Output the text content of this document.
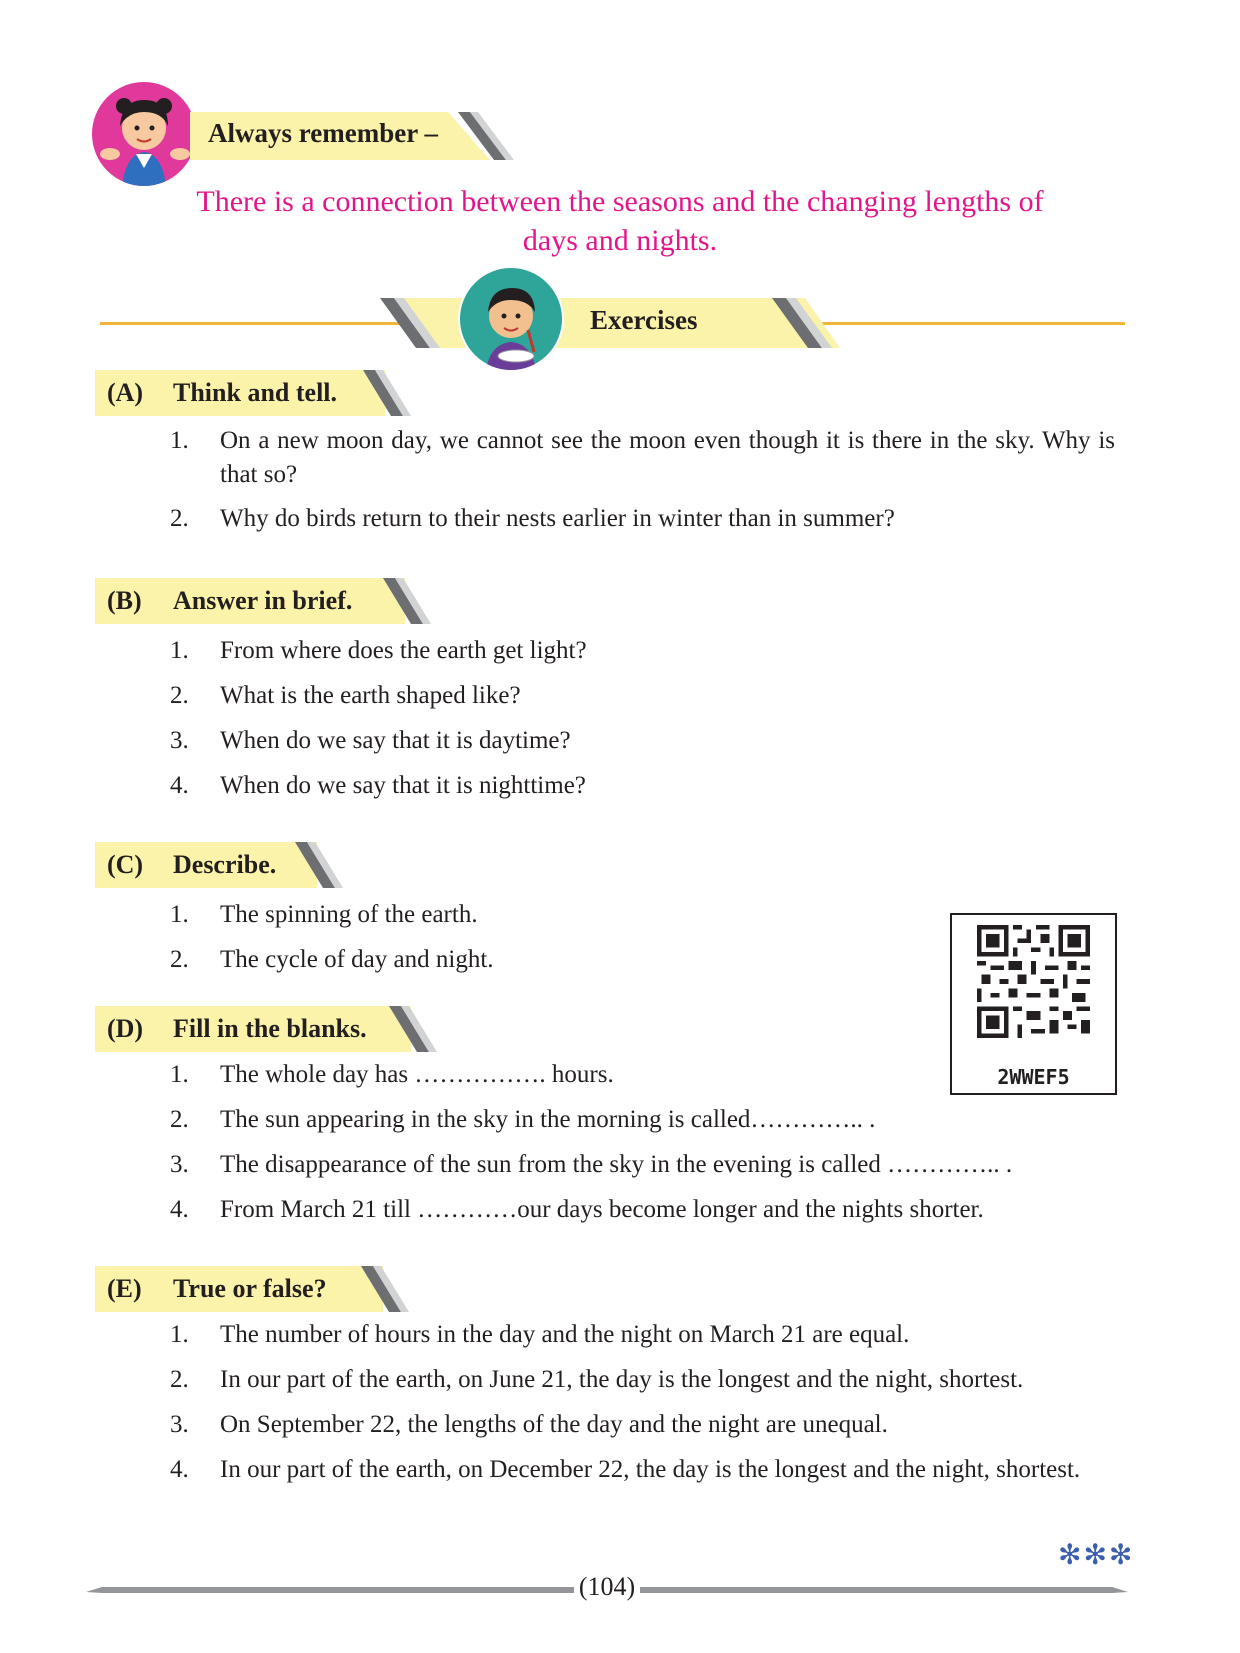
Always remember –
There is a connection between the seasons and the changing lengths of days and nights.
Exercises
(A) Think and tell.
1. On a new moon day, we cannot see the moon even though it is there in the sky. Why is that so?
2. Why do birds return to their nests earlier in winter than in summer?
(B) Answer in brief.
1. From where does the earth get light?
2. What is the earth shaped like?
3. When do we say that it is daytime?
4. When do we say that it is nighttime?
(C) Describe.
1. The spinning of the earth.
2. The cycle of day and night.
2WWEF5
(D) Fill in the blanks.
1. The whole day has ……………. hours.
2. The sun appearing in the sky in the morning is called………….. .
3. The disappearance of the sun from the sky in the evening is called ………….. .
4. From March 21 till …………our days become longer and the nights shorter.
(E) True or false?
1. The number of hours in the day and the night on March 21 are equal.
2. In our part of the earth, on June 21, the day is the longest and the night, shortest.
3. On September 22, the lengths of the day and the night are unequal.
4. In our part of the earth, on December 22, the day is the longest and the night, shortest.
✻✻✻
(104)
